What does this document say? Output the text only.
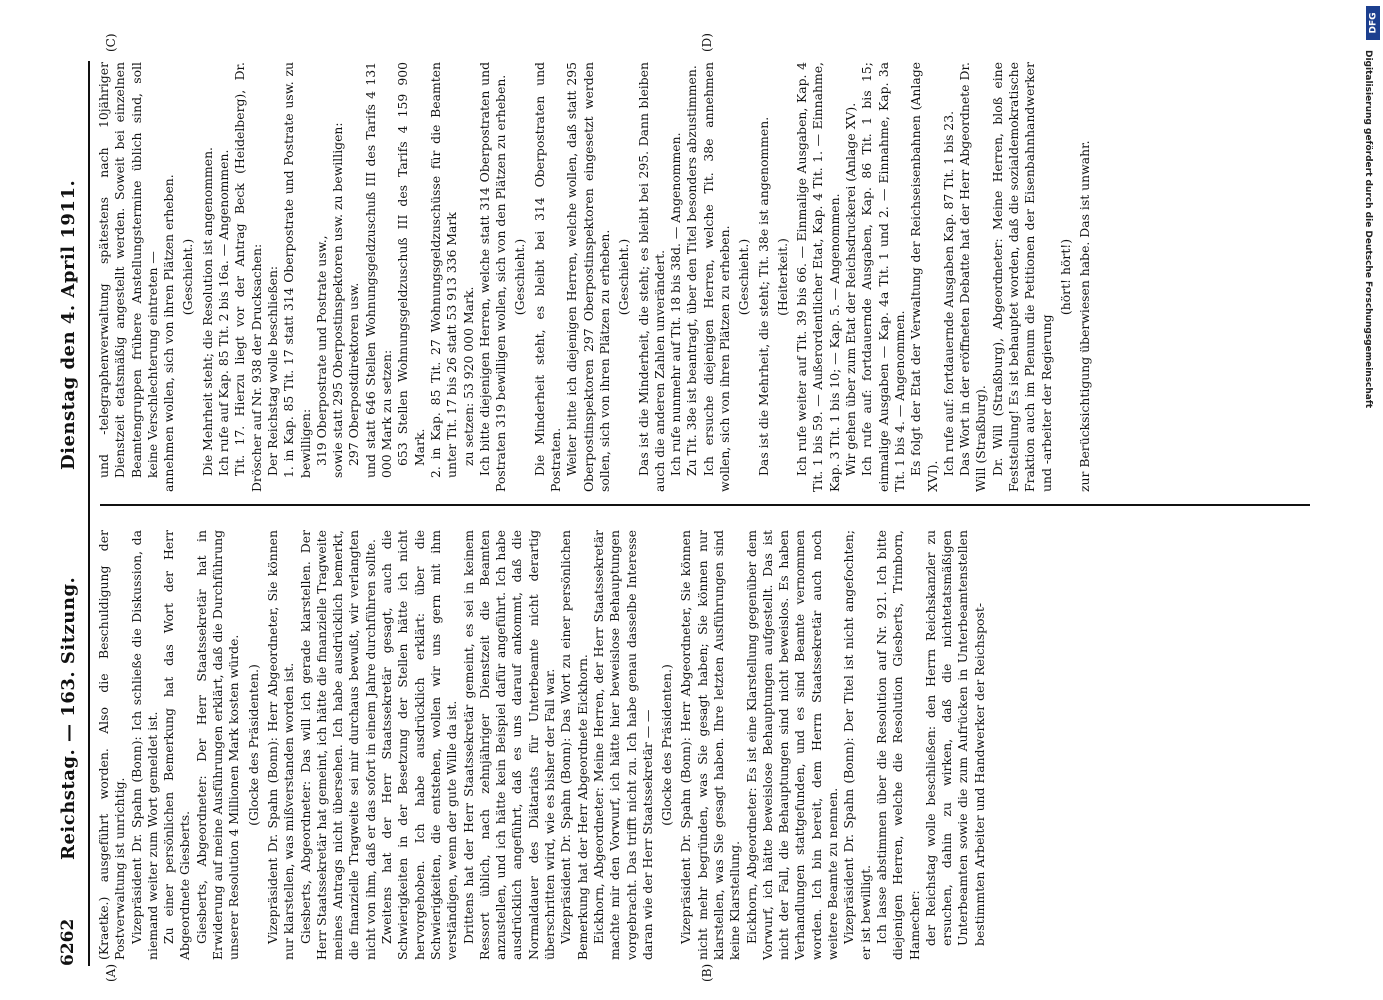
6262
Reichstag. — 163. Sitzung.
Dienstag den 4. April 1911.
(A)	(B)
(C)	(D)

(Kraetke.) ausgeführt worden. Also die Beschuldigung der Postverwaltung ist unrichtig. Vizepräsident Dr. Spahn (Bonn): Ich schließe die Diskussion, da niemand weiter zum Wort gemeldet ist. Zu einer persönlichen Bemerkung hat das Wort der Herr Abgeordnete Giesberts. Giesberts, Abgeordneter: Der Herr Staatssekretär hat in Erwiderung auf meine Ausführungen erklärt, daß die Durchführung unserer Resolution 4 Millionen Mark kosten würde. (Glocke des Präsidenten.) Vizepräsident Dr. Spahn (Bonn): Herr Abgeordneter, Sie können nur klarstellen, was mißverstanden worden ist. Giesberts, Abgeordneter: Das will ich gerade klarstellen. Der Herr Staatssekretär hat gemeint, ich hätte die finanzielle Tragweite meines Antrags nicht übersehen. Ich habe ausdrücklich bemerkt, die finanzielle Tragweite sei mir durchaus bewußt, wir verlangten nicht von ihm, daß er das sofort in einem Jahre durchführen sollte. Zweitens hat der Herr Staatssekretär gesagt, auch die Schwierigkeiten in der Besetzung der Stellen hätte ich nicht hervorgehoben. Ich habe ausdrücklich erklärt: über die Schwierigkeiten, die entstehen, wollen wir uns gern mit ihm verständigen, wenn der gute Wille da ist. Drittens hat der Herr Staatssekretär gemeint, es sei in keinem Ressort üblich, nach zehnjähriger Dienstzeit die Beamten anzustellen, und ich hätte kein Beispiel dafür angeführt. Ich habe ausdrücklich angeführt, daß es uns darauf ankommt, daß die Normaldauer des Diätariats für Unterbeamte nicht derartig überschritten wird, wie es bisher der Fall war. Vizepräsident Dr. Spahn (Bonn): Das Wort zu einer persönlichen Bemerkung hat der Herr Abgeordnete Eickhorn. Eickhorn, Abgeordneter: Meine Herren, der Herr Staatssekretär machte mir den Vorwurf, ich hätte hier beweislose Behauptungen vorgebracht. Das trifft nicht zu. Ich habe genau dasselbe Interesse daran wie der Herr Staatssekretär — — (Glocke des Präsidenten.) Vizepräsident Dr. Spahn (Bonn): Herr Abgeordneter, Sie können nicht mehr begründen, was Sie gesagt haben; Sie können nur klarstellen, was Sie gesagt haben. Ihre letzten Ausführungen sind keine Klarstellung. Eickhorn, Abgeordneter: Es ist eine Klarstellung gegenüber dem Vorwurf, ich hätte beweislose Behauptungen aufgestellt. Das ist nicht der Fall, die Behauptungen sind nicht beweislos. Es haben Verhandlungen stattgefunden, und es sind Beamte vernommen worden. Ich bin bereit, dem Herrn Staatssekretär auch noch weitere Beamte zu nennen. Vizepräsident Dr. Spahn (Bonn): Der Titel ist nicht angefochten; er ist bewilligt. Ich lasse abstimmen über die Resolution auf Nr. 921. Ich bitte diejenigen Herren, welche die Resolution Giesberts, Trimborn, Hamecher: der Reichstag wolle beschließen: den Herrn Reichskanzler zu ersuchen, dahin zu wirken, daß die nichtetatsmäßigen Unterbeamten sowie die zum Aufrücken in Unterbeamtenstellen bestimmten Arbeiter und Handwerker der Reichspost-

und -telegraphenverwaltung spätestens nach 10jähriger Dienstzeit etatsmäßig angestellt werden. Soweit bei einzelnen Beamtengruppen frühere Anstellungstermine üblich sind, soll keine Verschlechterung eintreten — annehmen wollen, sich von ihren Plätzen erheben. (Geschieht.) Die Mehrheit steht; die Resolution ist angenommen. Ich rufe auf Kap. 85 Tit. 2 bis 16a. — Angenommen. Tit. 17. Hierzu liegt vor der Antrag Beck (Heidelberg), Dr. Dröscher auf Nr. 938 der Drucksachen: Der Reichstag wolle beschließen: 1. in Kap. 85 Tit. 17 statt 314 Oberpostrate und Postrate usw. zu bewilligen: 319 Oberpostrate und Postrate usw., sowie statt 295 Oberpostinspektoren usw. zu bewilligen: 297 Oberpostdirektoren usw. und statt 646 Stellen Wohnungsgeldzuschuß III des Tarifs 4 131 000 Mark zu setzen: 653 Stellen Wohnungsgeldzuschuß III des Tarifs 4 159 900 Mark. 2. in Kap. 85 Tit. 27 Wohnungsgeldzuschüsse für die Beamten unter Tit. 17 bis 26 statt 53 913 336 Mark zu setzen: 53 920 000 Mark. Ich bitte diejenigen Herren, welche statt 314 Oberpostraten und Postraten 319 bewilligen wollen, sich von den Plätzen zu erheben. (Geschieht.) Die Minderheit steht, es bleibt bei 314 Oberpostraten und Postraten. Weiter bitte ich diejenigen Herren, welche wollen, daß statt 295 Oberpostinspektoren 297 Oberpostinspektoren eingesetzt werden sollen, sich von ihren Plätzen zu erheben. (Geschieht.) Das ist die Minderheit, die steht; es bleibt bei 295. Dann bleiben auch die anderen Zahlen unverändert. Ich rufe nunmehr auf Tit. 18 bis 38d. — Angenommen. Zu Tit. 38e ist beantragt, über den Titel besonders abzustimmen. Ich ersuche diejenigen Herren, welche Tit. 38e annehmen wollen, sich von ihren Plätzen zu erheben. (Geschieht.) Das ist die Mehrheit, die steht; Tit. 38e ist angenommen. (Heiterkeit.) Ich rufe weiter auf Tit. 39 bis 66. — Einmalige Ausgaben, Kap. 4 Tit. 1 bis 59. — Außerordentlicher Etat, Kap. 4 Tit. 1. — Einnahme, Kap. 3 Tit. 1 bis 10; — Kap. 5. — Angenommen. Wir gehen über zum Etat der Reichsdruckerei (Anlage XV). Ich rufe auf: fortdauernde Ausgaben, Kap. 86 Tit. 1 bis 15; einmalige Ausgaben — Kap. 4a Tit. 1 und 2. — Einnahme, Kap. 3a Tit. 1 bis 4. — Angenommen. Es folgt der Etat der Verwaltung der Reichseisenbahnen (Anlage XVI).

Ich rufe auf: fortdauernde Ausgaben Kap. 87 Tit. 1 bis 23. Das Wort in der eröffneten Debatte hat der Herr Abgeordnete Dr. Will (Straßburg). Dr. Will (Straßburg), Abgeordneter: Meine Herren, bloß eine Feststellung! Es ist behauptet worden, daß die sozialdemokratische Fraktion auch im Plenum die Petitionen der Eisenbahnhandwerker und -arbeiter der Regierung

(hört! hört!) zur Berücksichtigung überwiesen habe. Das ist unwahr.

DFG
Digitalisierung gefördert durch die Deutsche Forschungsgemeinschaft
